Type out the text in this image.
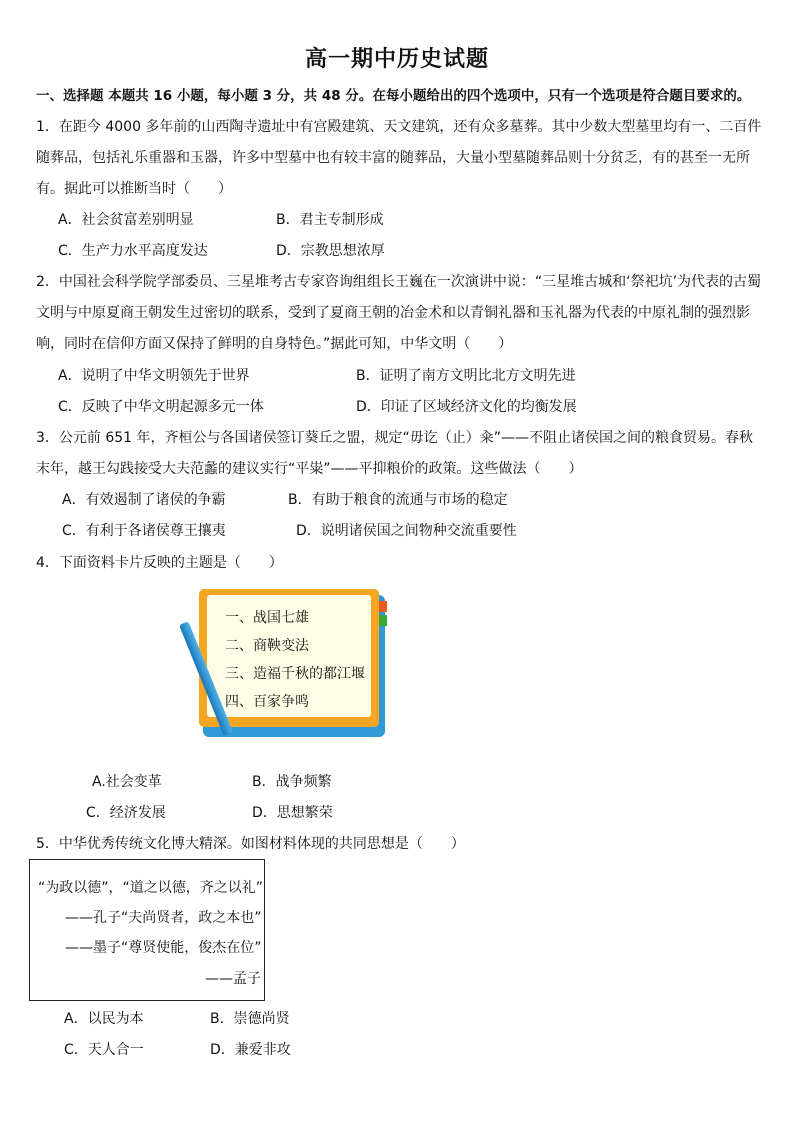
高一期中历史试题
一、选择题 本题共 16 小题，每小题 3 分，共 48 分。在每小题给出的四个选项中，只有一个选项是符合题目要求的。
1．在距今 4000 多年前的山西陶寺遗址中有宫殿建筑、天文建筑，还有众多墓葬。其中少数大型墓里均有一、二百件
随葬品，包括礼乐重器和玉器，许多中型墓中也有较丰富的随葬品，大量小型墓随葬品则十分贫乏，有的甚至一无所
有。据此可以推断当时（　　）
A．社会贫富差别明显	B．君主专制形成
C．生产力水平高度发达	D．宗教思想浓厚
2．中国社会科学院学部委员、三星堆考古专家咨询组组长王巍在一次演讲中说：“三星堆古城和‘祭祀坑’为代表的古蜀
文明与中原夏商王朝发生过密切的联系，受到了夏商王朝的冶金术和以青铜礼器和玉礼器为代表的中原礼制的强烈影
响，同时在信仰方面又保持了鲜明的自身特色。”据此可知，中华文明（　　）
A．说明了中华文明领先于世界	B．证明了南方文明比北方文明先进
C．反映了中华文明起源多元一体	D．印证了区域经济文化的均衡发展
3．公元前 651 年，齐桓公与各国诸侯签订葵丘之盟，规定“毋讫（止）籴”——不阻止诸侯国之间的粮食贸易。春秋
末年，越王勾践接受大夫范蠡的建议实行“平粜”——平抑粮价的政策。这些做法（　　）
A．有效遏制了诸侯的争霸	B．有助于粮食的流通与市场的稳定
C．有利于各诸侯尊王攘夷	D．说明诸侯国之间物种交流重要性
4．下面资料卡片反映的主题是（　　）
一、战国七雄
二、商鞅变法
三、造福千秋的都江堰
四、百家争鸣
A.社会变革	B．战争频繁
C．经济发展	D．思想繁荣
5．中华优秀传统文化博大精深。如图材料体现的共同思想是（　　）
“为政以德”，“道之以德，齐之以礼”
——孔子“夫尚贤者，政之本也”
——墨子“尊贤使能，俊杰在位”
——孟子
A．以民为本	B．崇德尚贤
C．天人合一	D．兼爱非攻
